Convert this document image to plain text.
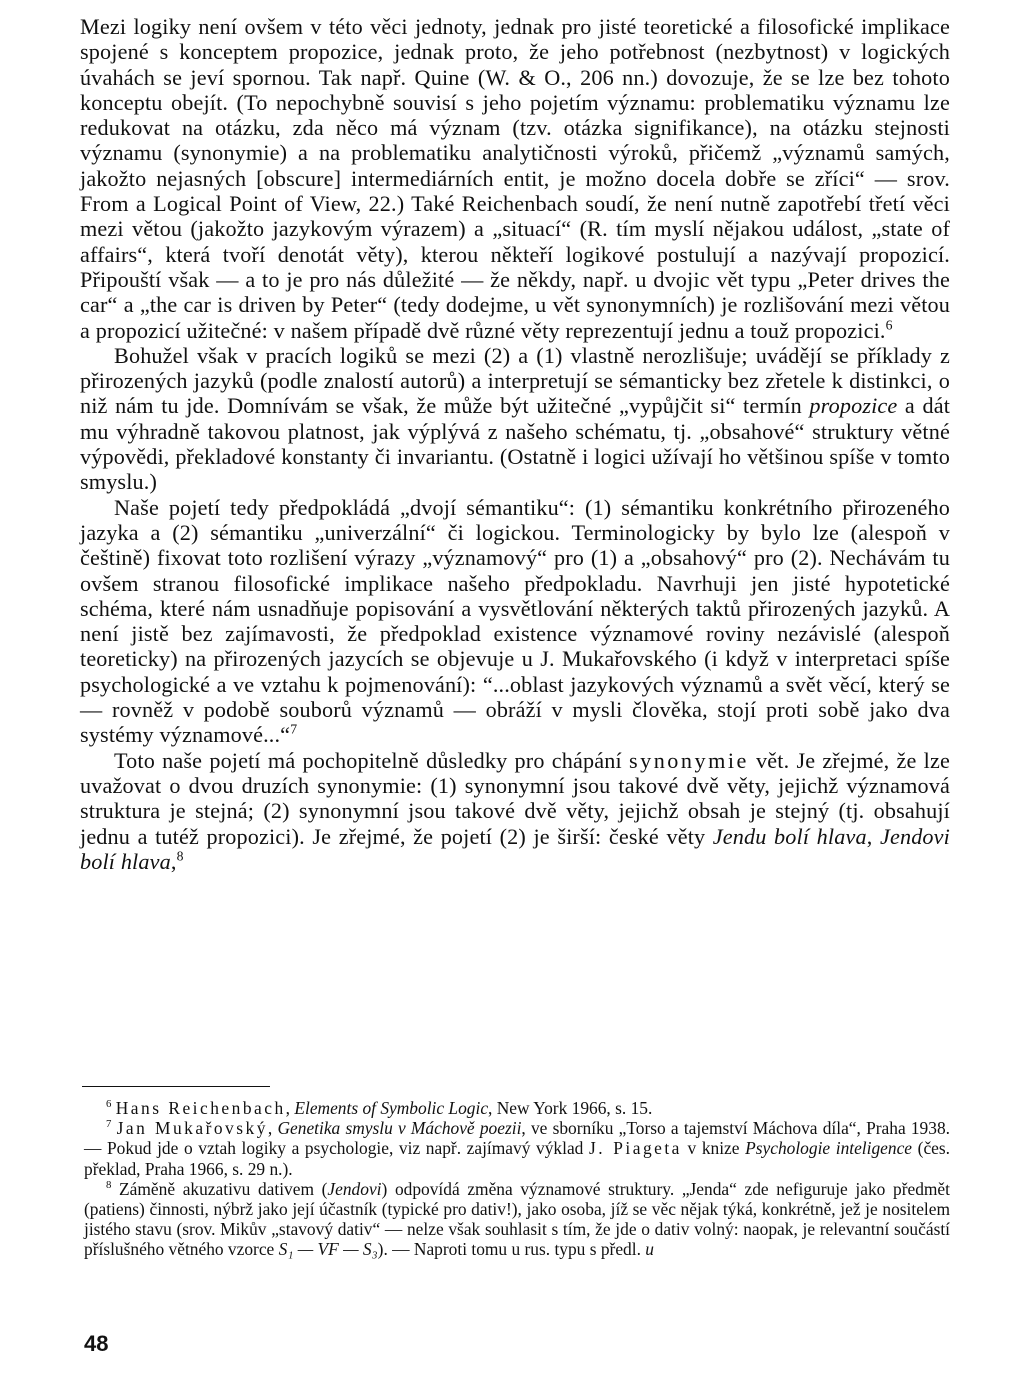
Mezi logiky není ovšem v této věci jednoty, jednak pro jisté teoretické a filosofické implikace spojené s konceptem propozice, jednak proto, že jeho potřebnost (nezbytnost) v logických úvahách se jeví spornou. Tak např. Quine (W. & O., 206 nn.) dovozuje, že se lze bez tohoto konceptu obejít. (To nepochybně souvisí s jeho pojetím významu: problematiku významu lze redukovat na otázku, zda něco má význam (tzv. otázka signifikance), na otázku stejnosti významu (synonymie) a na problematiku analytičnosti výroků, přičemž „významů samých, jakožto nejasných [obscure] intermediárních entit, je možno docela dobře se zříci“ — srov. From a Logical Point of View, 22.) Také Reichenbach soudí, že není nutně zapotřebí třetí věci mezi větou (jakožto jazykovým výrazem) a „situací“ (R. tím myslí nějakou událost, „state of affairs“, která tvoří denotát věty), kterou někteří logikové postulují a nazývají propozicí. Připouští však — a to je pro nás důležité — že někdy, např. u dvojic vět typu „Peter drives the car“ a „the car is driven by Peter“ (tedy dodejme, u vět synonymních) je rozlišování mezi větou a propozicí užitečné: v našem případě dvě různé věty reprezentují jednu a touž propozici.$^6$

Bohužel však v pracích logiků se mezi (2) a (1) vlastně nerozlišuje; uvádějí se příklady z přirozených jazyků (podle znalostí autorů) a interpretují se sémanticky bez zřetele k distinkci, o niž nám tu jde. Domnívám se však, že může být užitečné „vypůjčit si“ termín propozice a dát mu výhradně takovou platnost, jak výplývá z našeho schématu, tj. „obsahové“ struktury větné výpovědi, překladové konstanty či invariantu. (Ostatně i logici užívají ho většinou spíše v tomto smyslu.)

Naše pojetí tedy předpokládá „dvojí sémantiku“: (1) sémantiku konkrétního přirozeného jazyka a (2) sémantiku „univerzální“ či logickou. Terminologicky by bylo lze (alespoň v češtině) fixovat toto rozlišení výrazy „významový“ pro (1) a „obsahový“ pro (2). Nechávám tu ovšem stranou filosofické implikace našeho předpokladu. Navrhuji jen jisté hypotetické schéma, které nám usnadňuje popisování a vysvětlování některých taktů přirozených jazyků. A není jistě bez zajímavosti, že předpoklad existence významové roviny nezávislé (alespoň teoreticky) na přirozených jazycích se objevuje u J. Mukařovského (i když v interpretaci spíše psychologické a ve vztahu k pojmenování): “...oblast jazykových významů a svět věcí, který se — rovněž v podobě souborů významů — obráží v mysli člověka, stojí proti sobě jako dva systémy významové...“$^7$

Toto naše pojetí má pochopitelně důsledky pro chápání synonymie vět. Je zřejmé, že lze uvažovat o dvou druzích synonymie: (1) synonymní jsou takové dvě věty, jejichž významová struktura je stejná; (2) synonymní jsou takové dvě věty, jejichž obsah je stejný (tj. obsahují jednu a tutéž propozici). Je zřejmé, že pojetí (2) je širší: české věty Jendu bolí hlava, Jendovi bolí hlava,$^8$

$^6$ Hans Reichenbach, Elements of Symbolic Logic, New York 1966, s. 15.

$^7$ Jan Mukařovský, Genetika smyslu v Máchově poezii, ve sborníku „Torso a tajemství Máchova díla“, Praha 1938. — Pokud jde o vztah logiky a psychologie, viz např. zajímavý výklad J. Piageta v knize Psychologie inteligence (čes. překlad, Praha 1966, s. 29 n.).

$^8$ Záměně akuzativu dativem (Jendovi) odpovídá změna významové struktury. „Jenda“ zde nefiguruje jako předmět (patiens) činnosti, nýbrž jako její účastník (typické pro dativ!), jako osoba, jíž se věc nějak týká, konkrétně, jež je nositelem jistého stavu (srov. Mikův „stavový dativ“ — nelze však souhlasit s tím, že jde o dativ volný: naopak, je relevantní součástí příslušného větného vzorce S₁ — VF — S₃). — Naproti tomu u rus. typu s předl. u

48
